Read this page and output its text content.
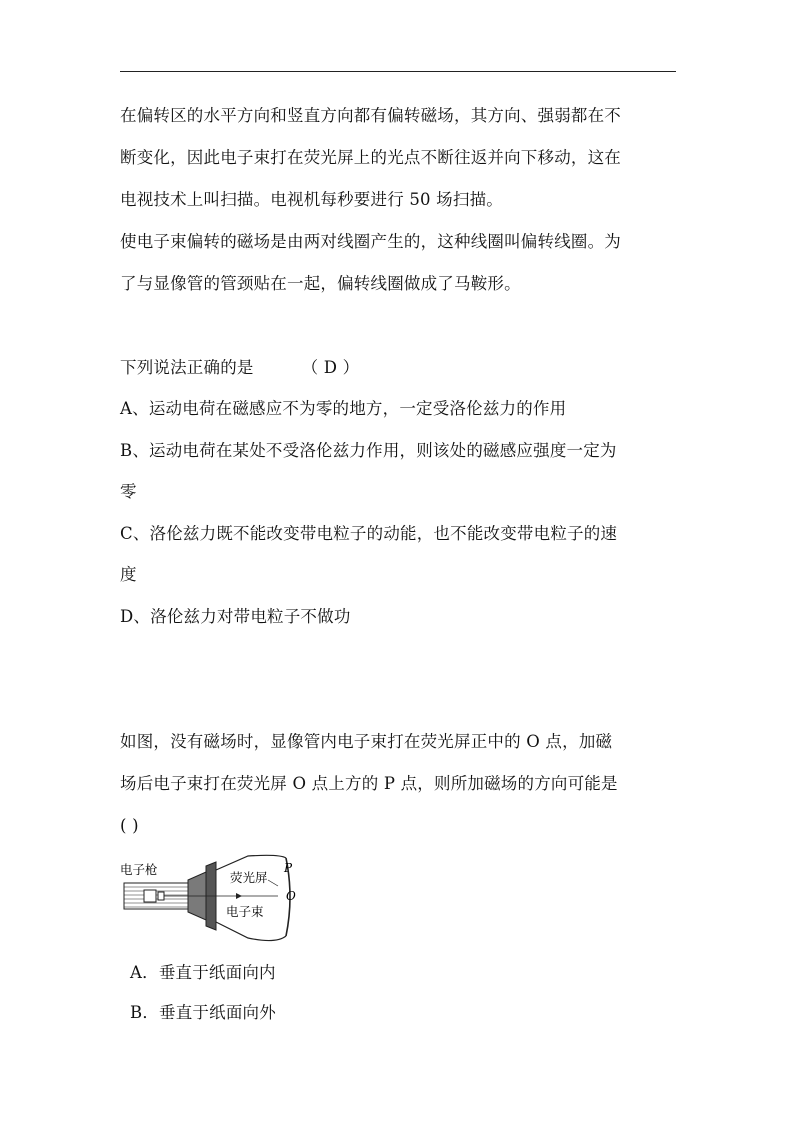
在偏转区的水平方向和竖直方向都有偏转磁场，其方向、强弱都在不
断变化，因此电子束打在荧光屏上的光点不断往返并向下移动，这在
电视技术上叫扫描。电视机每秒要进行 50 场扫描。
使电子束偏转的磁场是由两对线圈产生的，这种线圈叫偏转线圈。为
了与显像管的管颈贴在一起，偏转线圈做成了马鞍形。
下列说法正确的是	（ D ）
A、运动电荷在磁感应不为零的地方，一定受洛伦兹力的作用
B、运动电荷在某处不受洛伦兹力作用，则该处的磁感应强度一定为
零
C、洛伦兹力既不能改变带电粒子的动能，也不能改变带电粒子的速
度
D、洛伦兹力对带电粒子不做功
如图，没有磁场时，显像管内电子束打在荧光屏正中的 O 点，加磁
场后电子束打在荧光屏 O 点上方的 P 点，则所加磁场的方向可能是
( )
电子枪
荧光屏
电子束
P
O
A．垂直于纸面向内
B．垂直于纸面向外
